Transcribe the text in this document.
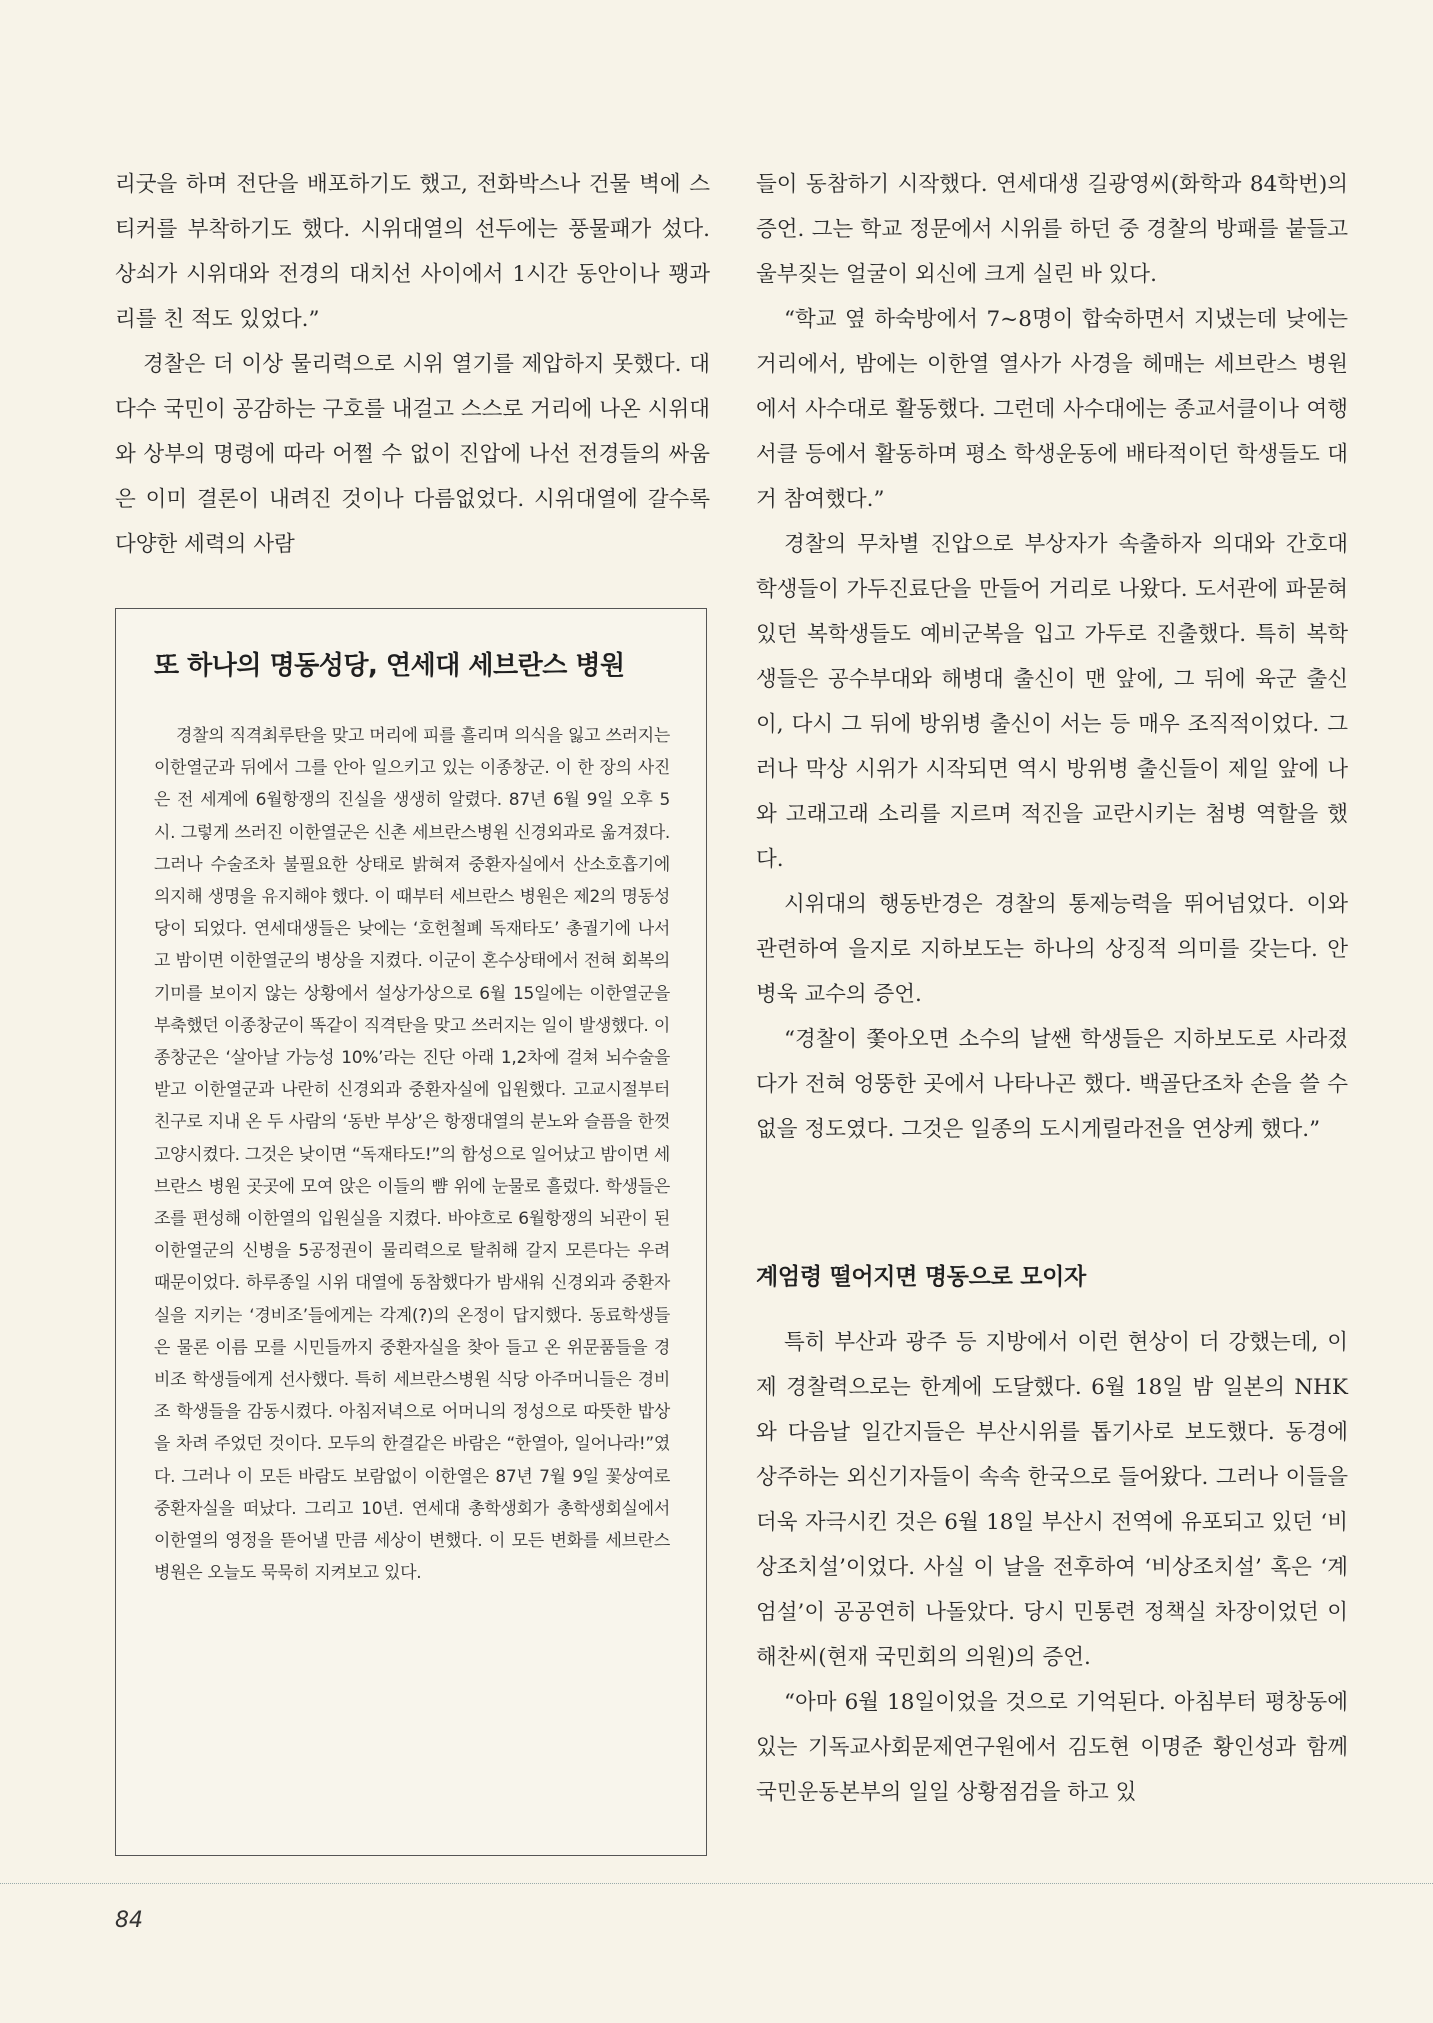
리굿을 하며 전단을 배포하기도 했고, 전화박스나 건물 벽에 스티커를 부착하기도 했다. 시위대열의 선두에는 풍물패가 섰다. 상쇠가 시위대와 전경의 대치선 사이에서 1시간 동안이나 꽹과리를 친 적도 있었다.”

경찰은 더 이상 물리력으로 시위 열기를 제압하지 못했다. 대다수 국민이 공감하는 구호를 내걸고 스스로 거리에 나온 시위대와 상부의 명령에 따라 어쩔 수 없이 진압에 나선 전경들의 싸움은 이미 결론이 내려진 것이나 다름없었다. 시위대열에 갈수록 다양한 세력의 사람

또 하나의 명동성당, 연세대 세브란스 병원

경찰의 직격최루탄을 맞고 머리에 피를 흘리며 의식을 잃고 쓰러지는 이한열군과 뒤에서 그를 안아 일으키고 있는 이종창군. 이 한 장의 사진은 전 세계에 6월항쟁의 진실을 생생히 알렸다. 87년 6월 9일 오후 5시. 그렇게 쓰러진 이한열군은 신촌 세브란스병원 신경외과로 옮겨졌다. 그러나 수술조차 불필요한 상태로 밝혀져 중환자실에서 산소호흡기에 의지해 생명을 유지해야 했다. 이 때부터 세브란스 병원은 제2의 명동성당이 되었다. 연세대생들은 낮에는 ‘호헌철폐 독재타도’ 총궐기에 나서고 밤이면 이한열군의 병상을 지켰다. 이군이 혼수상태에서 전혀 회복의 기미를 보이지 않는 상황에서 설상가상으로 6월 15일에는 이한열군을 부축했던 이종창군이 똑같이 직격탄을 맞고 쓰러지는 일이 발생했다. 이종창군은 ‘살아날 가능성 10%’라는 진단 아래 1,2차에 걸쳐 뇌수술을 받고 이한열군과 나란히 신경외과 중환자실에 입원했다. 고교시절부터 친구로 지내 온 두 사람의 ‘동반 부상’은 항쟁대열의 분노와 슬픔을 한껏 고양시켰다. 그것은 낮이면 “독재타도!”의 함성으로 일어났고 밤이면 세브란스 병원 곳곳에 모여 앉은 이들의 뺨 위에 눈물로 흘렀다. 학생들은 조를 편성해 이한열의 입원실을 지켰다. 바야흐로 6월항쟁의 뇌관이 된 이한열군의 신병을 5공정권이 물리력으로 탈취해 갈지 모른다는 우려 때문이었다. 하루종일 시위 대열에 동참했다가 밤새워 신경외과 중환자실을 지키는 ‘경비조’들에게는 각계(?)의 온정이 답지했다. 동료학생들은 물론 이름 모를 시민들까지 중환자실을 찾아 들고 온 위문품들을 경비조 학생들에게 선사했다. 특히 세브란스병원 식당 아주머니들은 경비조 학생들을 감동시켰다. 아침저녁으로 어머니의 정성으로 따뜻한 밥상을 차려 주었던 것이다. 모두의 한결같은 바람은 “한열아, 일어나라!”였다. 그러나 이 모든 바람도 보람없이 이한열은 87년 7월 9일 꽃상여로 중환자실을 떠났다. 그리고 10년. 연세대 총학생회가 총학생회실에서 이한열의 영정을 뜯어낼 만큼 세상이 변했다. 이 모든 변화를 세브란스 병원은 오늘도 묵묵히 지켜보고 있다.

들이 동참하기 시작했다. 연세대생 길광영씨(화학과 84학번)의 증언. 그는 학교 정문에서 시위를 하던 중 경찰의 방패를 붙들고 울부짖는 얼굴이 외신에 크게 실린 바 있다.

“학교 옆 하숙방에서 7~8명이 합숙하면서 지냈는데 낮에는 거리에서, 밤에는 이한열 열사가 사경을 헤매는 세브란스 병원에서 사수대로 활동했다. 그런데 사수대에는 종교서클이나 여행서클 등에서 활동하며 평소 학생운동에 배타적이던 학생들도 대거 참여했다.”

경찰의 무차별 진압으로 부상자가 속출하자 의대와 간호대 학생들이 가두진료단을 만들어 거리로 나왔다. 도서관에 파묻혀 있던 복학생들도 예비군복을 입고 가두로 진출했다. 특히 복학생들은 공수부대와 해병대 출신이 맨 앞에, 그 뒤에 육군 출신이, 다시 그 뒤에 방위병 출신이 서는 등 매우 조직적이었다. 그러나 막상 시위가 시작되면 역시 방위병 출신들이 제일 앞에 나와 고래고래 소리를 지르며 적진을 교란시키는 첨병 역할을 했다.

시위대의 행동반경은 경찰의 통제능력을 뛰어넘었다. 이와 관련하여 을지로 지하보도는 하나의 상징적 의미를 갖는다. 안병욱 교수의 증언.

“경찰이 쫓아오면 소수의 날쌘 학생들은 지하보도로 사라졌다가 전혀 엉뚱한 곳에서 나타나곤 했다. 백골단조차 손을 쓸 수 없을 정도였다. 그것은 일종의 도시게릴라전을 연상케 했다.”

계엄령 떨어지면 명동으로 모이자

특히 부산과 광주 등 지방에서 이런 현상이 더 강했는데, 이제 경찰력으로는 한계에 도달했다. 6월 18일 밤 일본의 NHK와 다음날 일간지들은 부산시위를 톱기사로 보도했다. 동경에 상주하는 외신기자들이 속속 한국으로 들어왔다. 그러나 이들을 더욱 자극시킨 것은 6월 18일 부산시 전역에 유포되고 있던 ‘비상조치설’이었다. 사실 이 날을 전후하여 ‘비상조치설’ 혹은 ‘계엄설’이 공공연히 나돌았다. 당시 민통련 정책실 차장이었던 이해찬씨(현재 국민회의 의원)의 증언.

“아마 6월 18일이었을 것으로 기억된다. 아침부터 평창동에 있는 기독교사회문제연구원에서 김도현 이명준 황인성과 함께 국민운동본부의 일일 상황점검을 하고 있

84
